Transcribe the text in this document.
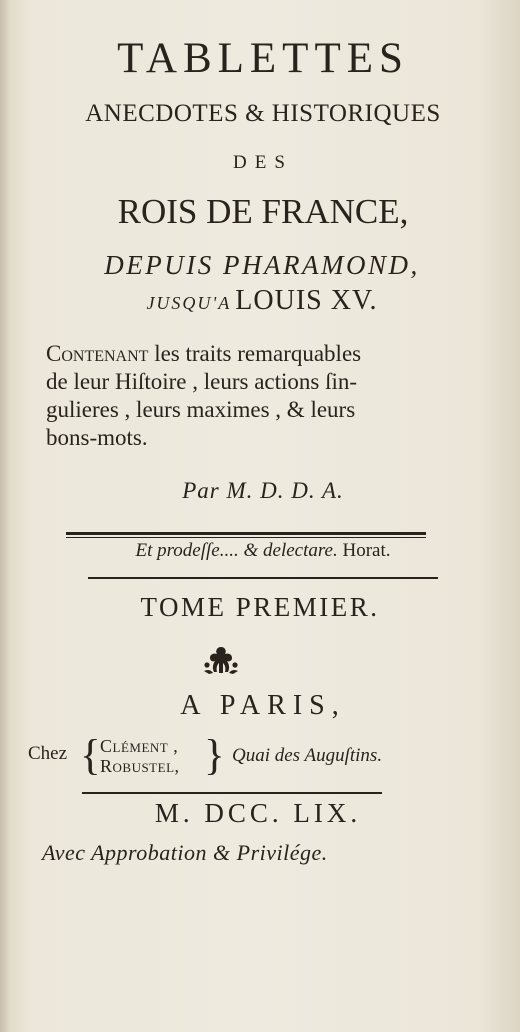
TABLETTES
ANECDOTES & HISTORIQUES
DES
ROIS DE FRANCE,
DEPUIS PHARAMOND,
JUSQU'A LOUIS XV.
Contenant les traits remarquables
de leur Hiſtoire , leurs actions ſin-
gulieres , leurs maximes , & leurs
bons-mots.
Par M. D. D. A.
Et prodeſſe.... & delectare. Horat.
TOME PREMIER.
A PARIS,
Chez { Clément ,
Robustel, } Quai des Auguſtins.
M. DCC. LIX.
Avec Approbation & Privilége.
